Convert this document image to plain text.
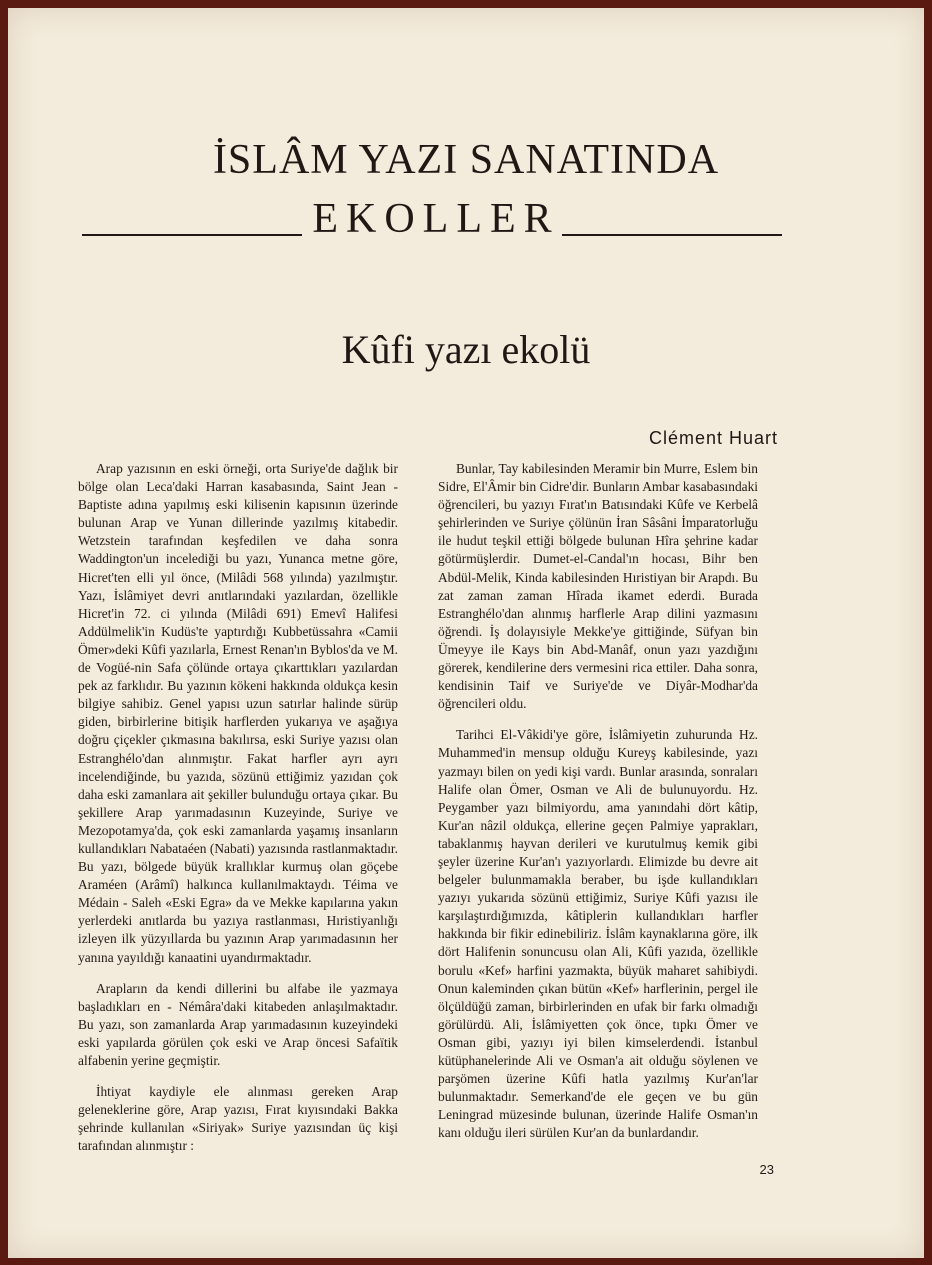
İSLÂM YAZI SANATINDA
EKOLLER
Kûfi yazı ekolü
Clément Huart

Arap yazısının en eski örneği, orta Suriye'de dağlık bir bölge olan Leca'daki Harran kasabasında, Saint Jean - Baptiste adına yapılmış eski kilisenin kapısının üzerinde bulunan Arap ve Yunan dillerinde yazılmış kitabedir. Wetzstein tarafından keşfedilen ve daha sonra Waddington'un incelediği bu yazı, Yunanca metne göre, Hicret'ten elli yıl önce, (Milâdi 568 yılında) yazılmıştır. Yazı, İslâmiyet devri anıtlarındaki yazılardan, özellikle Hicret'in 72. ci yılında (Milâdi 691) Emevî Halifesi Addülmelik'in Kudüs'te yaptırdığı Kubbetüssahra «Camii Ömer»deki Kûfi yazılarla, Ernest Renan'ın Byblos'da ve M. de Vogüé-nin Safa çölünde ortaya çıkarttıkları yazılardan pek az farklıdır. Bu yazının kökeni hakkında oldukça kesin bilgiye sahibiz. Genel yapısı uzun satırlar halinde sürüp giden, birbirlerine bitişik harflerden yukarıya ve aşağıya doğru çiçekler çıkmasına bakılırsa, eski Suriye yazısı olan Estranghélo'dan alınmıştır. Fakat harfler ayrı ayrı incelendiğinde, bu yazıda, sözünü ettiğimiz yazıdan çok daha eski zamanlara ait şekiller bulunduğu ortaya çıkar. Bu şekillere Arap yarımadasının Kuzeyinde, Suriye ve Mezopotamya'da, çok eski zamanlarda yaşamış insanların kullandıkları Nabataéen (Nabati) yazısında rastlanmaktadır. Bu yazı, bölgede büyük krallıklar kurmuş olan göçebe Araméen (Arâmî) halkınca kullanılmaktaydı. Téima ve Médain - Saleh «Eski Egra» da ve Mekke kapılarına yakın yerlerdeki anıtlarda bu yazıya rastlanması, Hıristiyanlığı izleyen ilk yüzyıllarda bu yazının Arap yarımadasının her yanına yayıldığı kanaatini uyandırmaktadır.

Arapların da kendi dillerini bu alfabe ile yazmaya başladıkları en - Némâra'daki kitabeden anlaşılmaktadır. Bu yazı, son zamanlarda Arap yarımadasının kuzeyindeki eski yapılarda görülen çok eski ve Arap öncesi Safaïtik alfabenin yerine geçmiştir.

İhtiyat kaydiyle ele alınması gereken Arap geleneklerine göre, Arap yazısı, Fırat kıyısındaki Bakka şehrinde kullanılan «Siriyak» Suriye yazısından üç kişi tarafından alınmıştır :

Bunlar, Tay kabilesinden Meramir bin Murre, Eslem bin Sidre, El'Âmir bin Cidre'dir. Bunların Ambar kasabasındaki öğrencileri, bu yazıyı Fırat'ın Batısındaki Kûfe ve Kerbelâ şehirlerinden ve Suriye çölünün İran Sâsâni İmparatorluğu ile hudut teşkil ettiği bölgede bulunan Hîra şehrine kadar götürmüşlerdir. Dumet-el-Candal'ın hocası, Bihr ben Abdül-Melik, Kinda kabilesinden Hıristiyan bir Arapdı. Bu zat zaman zaman Hîrada ikamet ederdi. Burada Estranghélo'dan alınmış harflerle Arap dilini yazmasını öğrendi. İş dolayısiyle Mekke'ye gittiğinde, Süfyan bin Ümeyye ile Kays bin Abd-Manâf, onun yazı yazdığını görerek, kendilerine ders vermesini rica ettiler. Daha sonra, kendisinin Taif ve Suriye'de ve Diyâr-Modhar'da öğrencileri oldu.

Tarihci El-Vâkidi'ye göre, İslâmiyetin zuhurunda Hz. Muhammed'in mensup olduğu Kureyş kabilesinde, yazı yazmayı bilen on yedi kişi vardı. Bunlar arasında, sonraları Halife olan Ömer, Osman ve Ali de bulunuyordu. Hz. Peygamber yazı bilmiyordu, ama yanındahi dört kâtip, Kur'an nâzil oldukça, ellerine geçen Palmiye yaprakları, tabaklanmış hayvan derileri ve kurutulmuş kemik gibi şeyler üzerine Kur'an'ı yazıyorlardı. Elimizde bu devre ait belgeler bulunmamakla beraber, bu işde kullandıkları yazıyı yukarıda sözünü ettiğimiz, Suriye Kûfi yazısı ile karşılaştırdığımızda, kâtiplerin kullandıkları harfler hakkında bir fikir edinebiliriz. İslâm kaynaklarına göre, ilk dört Halifenin sonuncusu olan Ali, Kûfi yazıda, özellikle borulu «Kef» harfini yazmakta, büyük maharet sahibiydi. Onun kaleminden çıkan bütün «Kef» harflerinin, pergel ile ölçüldüğü zaman, birbirlerinden en ufak bir farkı olmadığı görülürdü. Ali, İslâmiyetten çok önce, tıpkı Ömer ve Osman gibi, yazıyı iyi bilen kimselerdendi. İstanbul kütüphanelerinde Ali ve Osman'a ait olduğu söylenen ve parşömen üzerine Kûfi hatla yazılmış Kur'an'lar bulunmaktadır. Semerkand'de ele geçen ve bu gün Leningrad müzesinde bulunan, üzerinde Halife Osman'ın kanı olduğu ileri sürülen Kur'an da bunlardandır.

23
